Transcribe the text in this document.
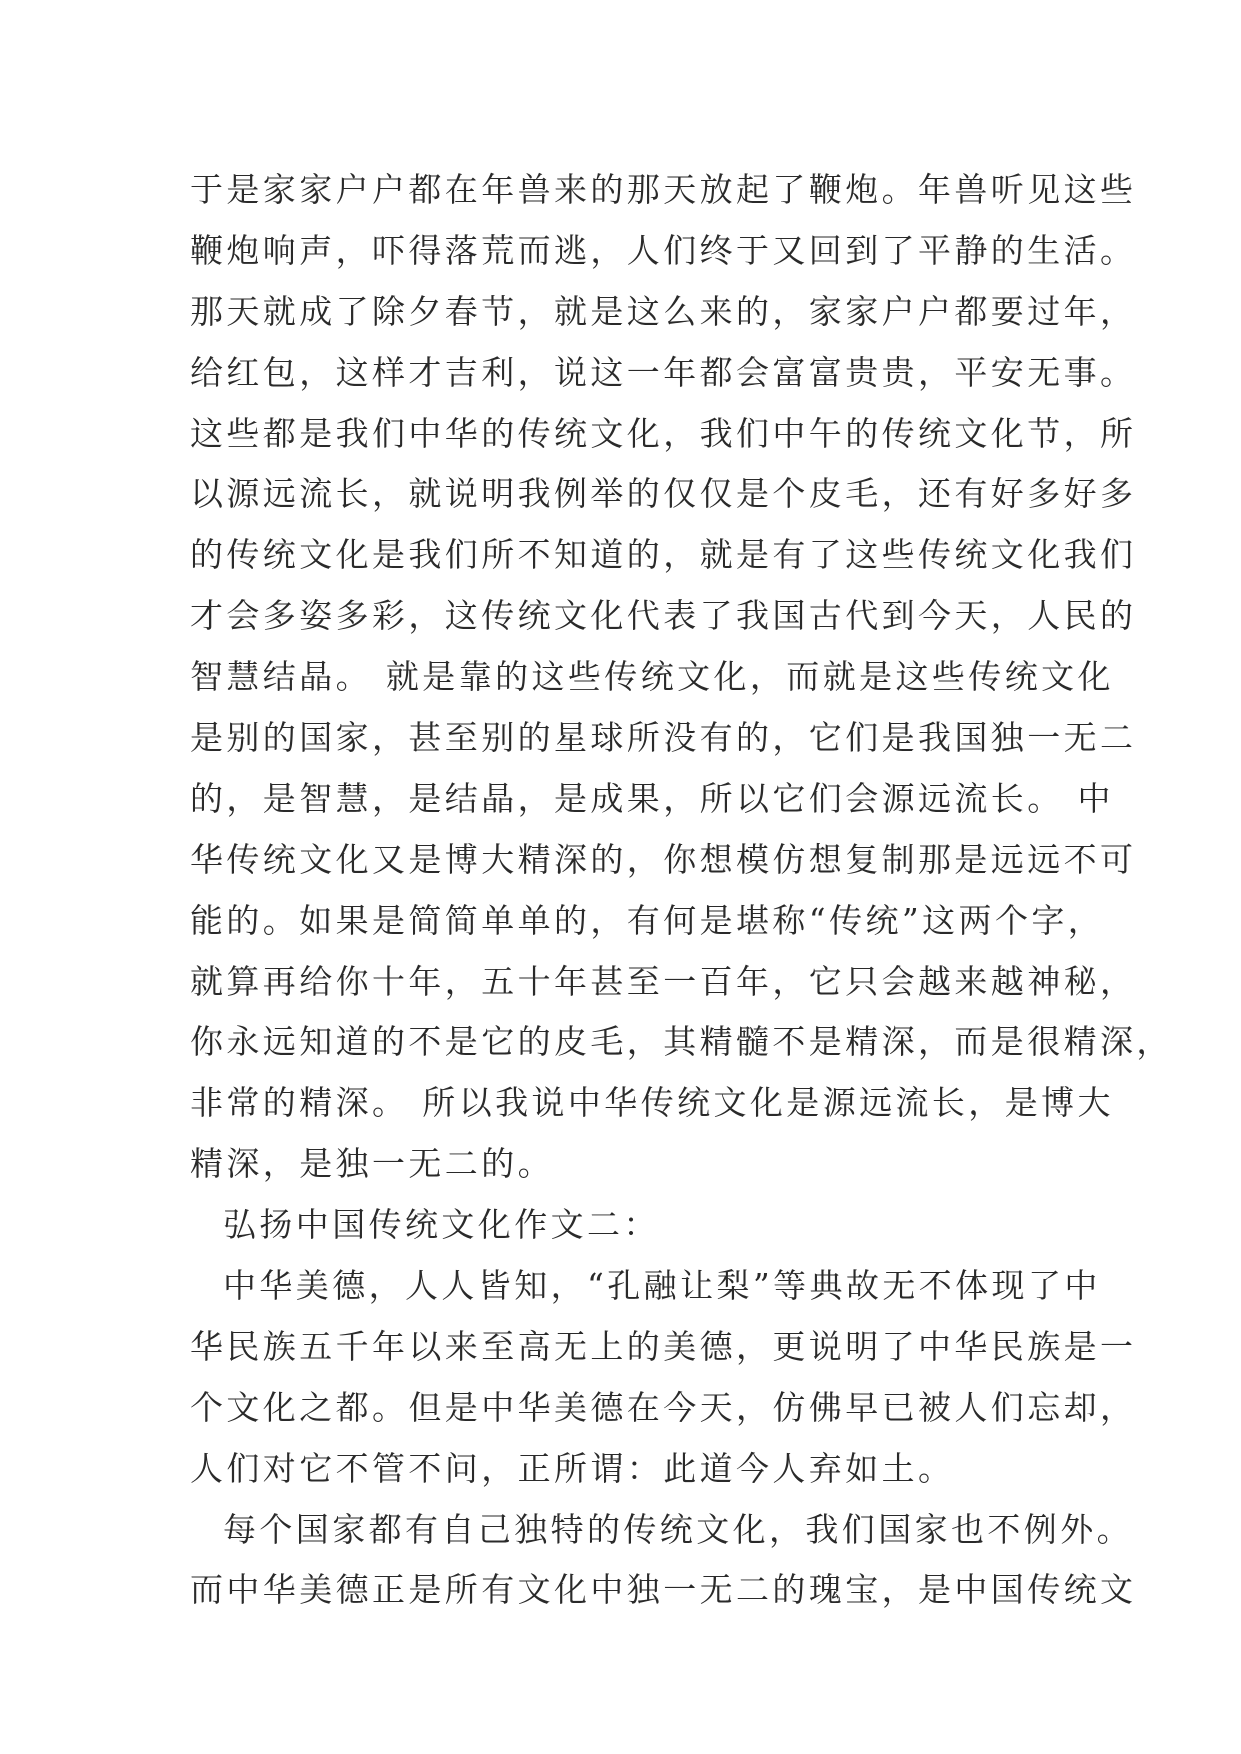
于是家家户户都在年兽来的那天放起了鞭炮。年兽听见这些
鞭炮响声，吓得落荒而逃，人们终于又回到了平静的生活。
那天就成了除夕春节，就是这么来的，家家户户都要过年，
给红包，这样才吉利，说这一年都会富富贵贵，平安无事。
这些都是我们中华的传统文化，我们中午的传统文化节，所
以源远流长，就说明我例举的仅仅是个皮毛，还有好多好多
的传统文化是我们所不知道的，就是有了这些传统文化我们
才会多姿多彩，这传统文化代表了我国古代到今天，人民的
智慧结晶。 就是靠的这些传统文化，而就是这些传统文化
是别的国家，甚至别的星球所没有的，它们是我国独一无二
的，是智慧，是结晶，是成果，所以它们会源远流长。 中
华传统文化又是博大精深的，你想模仿想复制那是远远不可
能的。如果是简简单单的，有何是堪称“传统”这两个字，
就算再给你十年，五十年甚至一百年，它只会越来越神秘，
你永远知道的不是它的皮毛，其精髓不是精深，而是很精深，
非常的精深。 所以我说中华传统文化是源远流长，是博大
精深，是独一无二的。
弘扬中国传统文化作文二：
中华美德，人人皆知，“孔融让梨”等典故无不体现了中
华民族五千年以来至高无上的美德，更说明了中华民族是一
个文化之都。但是中华美德在今天，仿佛早已被人们忘却，
人们对它不管不问，正所谓：此道今人弃如土。
每个国家都有自己独特的传统文化，我们国家也不例外。
而中华美德正是所有文化中独一无二的瑰宝，是中国传统文
